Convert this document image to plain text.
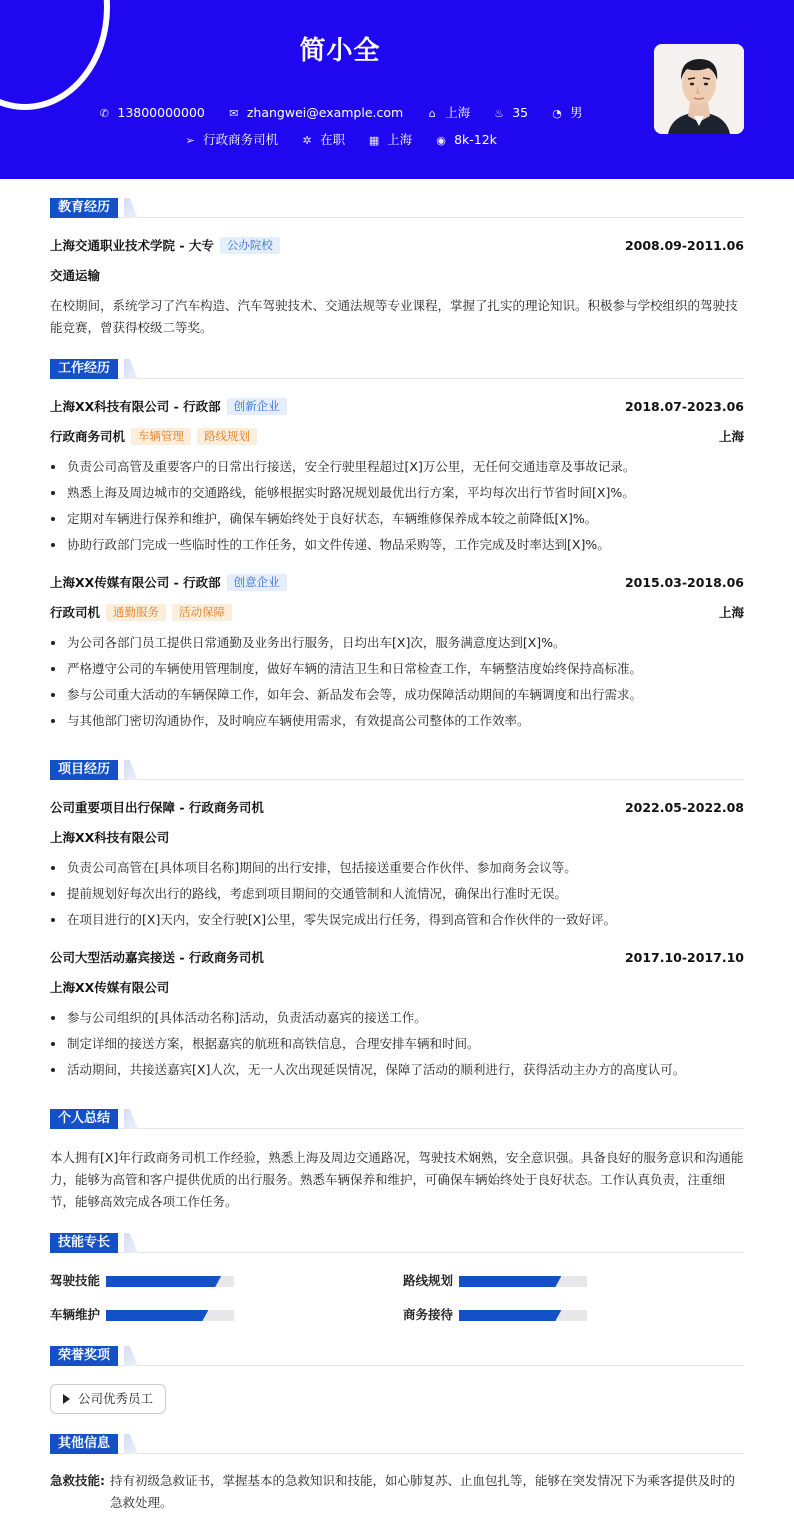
简小全
✆ 13800000000 ✉ zhangwei@example.com ⌂ 上海 ♨ 35 ◔ 男
➢ 行政商务司机 ✲ 在职 ▦ 上海 ◉ 8k-12k
教育经历
上海交通职业技术学院 - 大专 公办院校	2008.09-2011.06
交通运输
在校期间，系统学习了汽车构造、汽车驾驶技术、交通法规等专业课程，掌握了扎实的理论知识。积极参与学校组织的驾驶技能竞赛，曾获得校级二等奖。
工作经历
上海XX科技有限公司 - 行政部 创新企业	2018.07-2023.06
行政商务司机 车辆管理 路线规划	上海
负责公司高管及重要客户的日常出行接送，安全行驶里程超过[X]万公里，无任何交通违章及事故记录。
熟悉上海及周边城市的交通路线，能够根据实时路况规划最优出行方案，平均每次出行节省时间[X]%。
定期对车辆进行保养和维护，确保车辆始终处于良好状态，车辆维修保养成本较之前降低[X]%。
协助行政部门完成一些临时性的工作任务，如文件传递、物品采购等，工作完成及时率达到[X]%。
上海XX传媒有限公司 - 行政部 创意企业	2015.03-2018.06
行政司机 通勤服务 活动保障	上海
为公司各部门员工提供日常通勤及业务出行服务，日均出车[X]次，服务满意度达到[X]%。
严格遵守公司的车辆使用管理制度，做好车辆的清洁卫生和日常检查工作，车辆整洁度始终保持高标准。
参与公司重大活动的车辆保障工作，如年会、新品发布会等，成功保障活动期间的车辆调度和出行需求。
与其他部门密切沟通协作，及时响应车辆使用需求，有效提高公司整体的工作效率。
项目经历
公司重要项目出行保障 - 行政商务司机	2022.05-2022.08
上海XX科技有限公司
负责公司高管在[具体项目名称]期间的出行安排，包括接送重要合作伙伴、参加商务会议等。
提前规划好每次出行的路线，考虑到项目期间的交通管制和人流情况，确保出行准时无误。
在项目进行的[X]天内，安全行驶[X]公里，零失误完成出行任务，得到高管和合作伙伴的一致好评。
公司大型活动嘉宾接送 - 行政商务司机	2017.10-2017.10
上海XX传媒有限公司
参与公司组织的[具体活动名称]活动，负责活动嘉宾的接送工作。
制定详细的接送方案，根据嘉宾的航班和高铁信息，合理安排车辆和时间。
活动期间，共接送嘉宾[X]人次，无一人次出现延误情况，保障了活动的顺利进行，获得活动主办方的高度认可。
个人总结
本人拥有[X]年行政商务司机工作经验，熟悉上海及周边交通路况，驾驶技术娴熟，安全意识强。具备良好的服务意识和沟通能力，能够为高管和客户提供优质的出行服务。熟悉车辆保养和维护，可确保车辆始终处于良好状态。工作认真负责，注重细节，能够高效完成各项工作任务。
技能专长
驾驶技能	路线规划
车辆维护	商务接待
荣誉奖项
公司优秀员工
其他信息
急救技能: 持有初级急救证书，掌握基本的急救知识和技能，如心肺复苏、止血包扎等，能够在突发情况下为乘客提供及时的急救处理。
